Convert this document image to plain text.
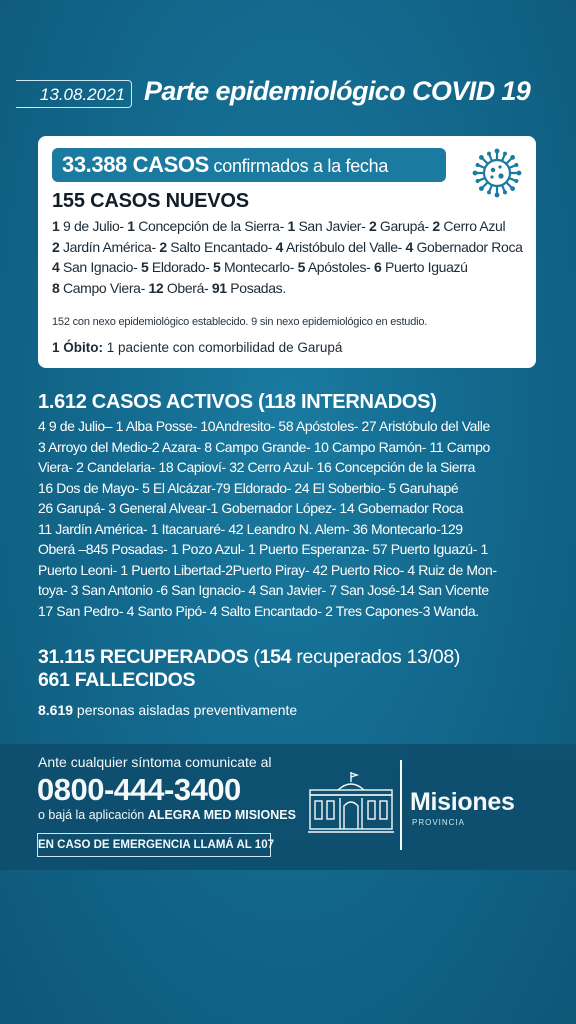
13.08.2021 Parte epidemiológico COVID 19
33.388 CASOS confirmados a la fecha
155 CASOS NUEVOS
1 9 de Julio- 1 Concepción de la Sierra- 1 San Javier- 2 Garupá- 2 Cerro Azul
2 Jardín América- 2 Salto Encantado- 4 Aristóbulo del Valle- 4 Gobernador Roca
4 San Ignacio- 5 Eldorado- 5 Montecarlo- 5 Apóstoles- 6 Puerto Iguazú
8 Campo Viera- 12 Oberá- 91 Posadas.
152 con nexo epidemiológico establecido. 9 sin nexo epidemiológico en estudio.
1 Óbito: 1 paciente con comorbilidad de Garupá
1.612 CASOS ACTIVOS (118 INTERNADOS)
4 9 de Julio– 1 Alba Posse- 10Andresito- 58 Apóstoles- 27 Aristóbulo del Valle
3 Arroyo del Medio-2 Azara- 8 Campo Grande- 10 Campo Ramón- 11 Campo
Viera- 2 Candelaria- 18 Capioví- 32 Cerro Azul- 16 Concepción de la Sierra
16 Dos de Mayo- 5 El Alcázar-79 Eldorado- 24 El Soberbio- 5 Garuhapé
26 Garupá- 3 General Alvear-1 Gobernador López- 14 Gobernador Roca
11 Jardín América- 1 Itacaruaré- 42 Leandro N. Alem- 36 Montecarlo-129
Oberá –845 Posadas- 1 Pozo Azul- 1 Puerto Esperanza- 57 Puerto Iguazú- 1
Puerto Leoni- 1 Puerto Libertad-2Puerto Piray- 42 Puerto Rico- 4 Ruiz de Mon-
toya- 3 San Antonio -6 San Ignacio- 4 San Javier- 7 San José-14 San Vicente
17 San Pedro- 4 Santo Pipó- 4 Salto Encantado- 2 Tres Capones-3 Wanda.
31.115 RECUPERADOS (154 recuperados 13/08)
661 FALLECIDOS
8.619 personas aisladas preventivamente
Ante cualquier síntoma comunicate al
0800-444-3400
o bajá la aplicación ALEGRA MED MISIONES
EN CASO DE EMERGENCIA LLAMÁ AL 107
Misiones
PROVINCIA
